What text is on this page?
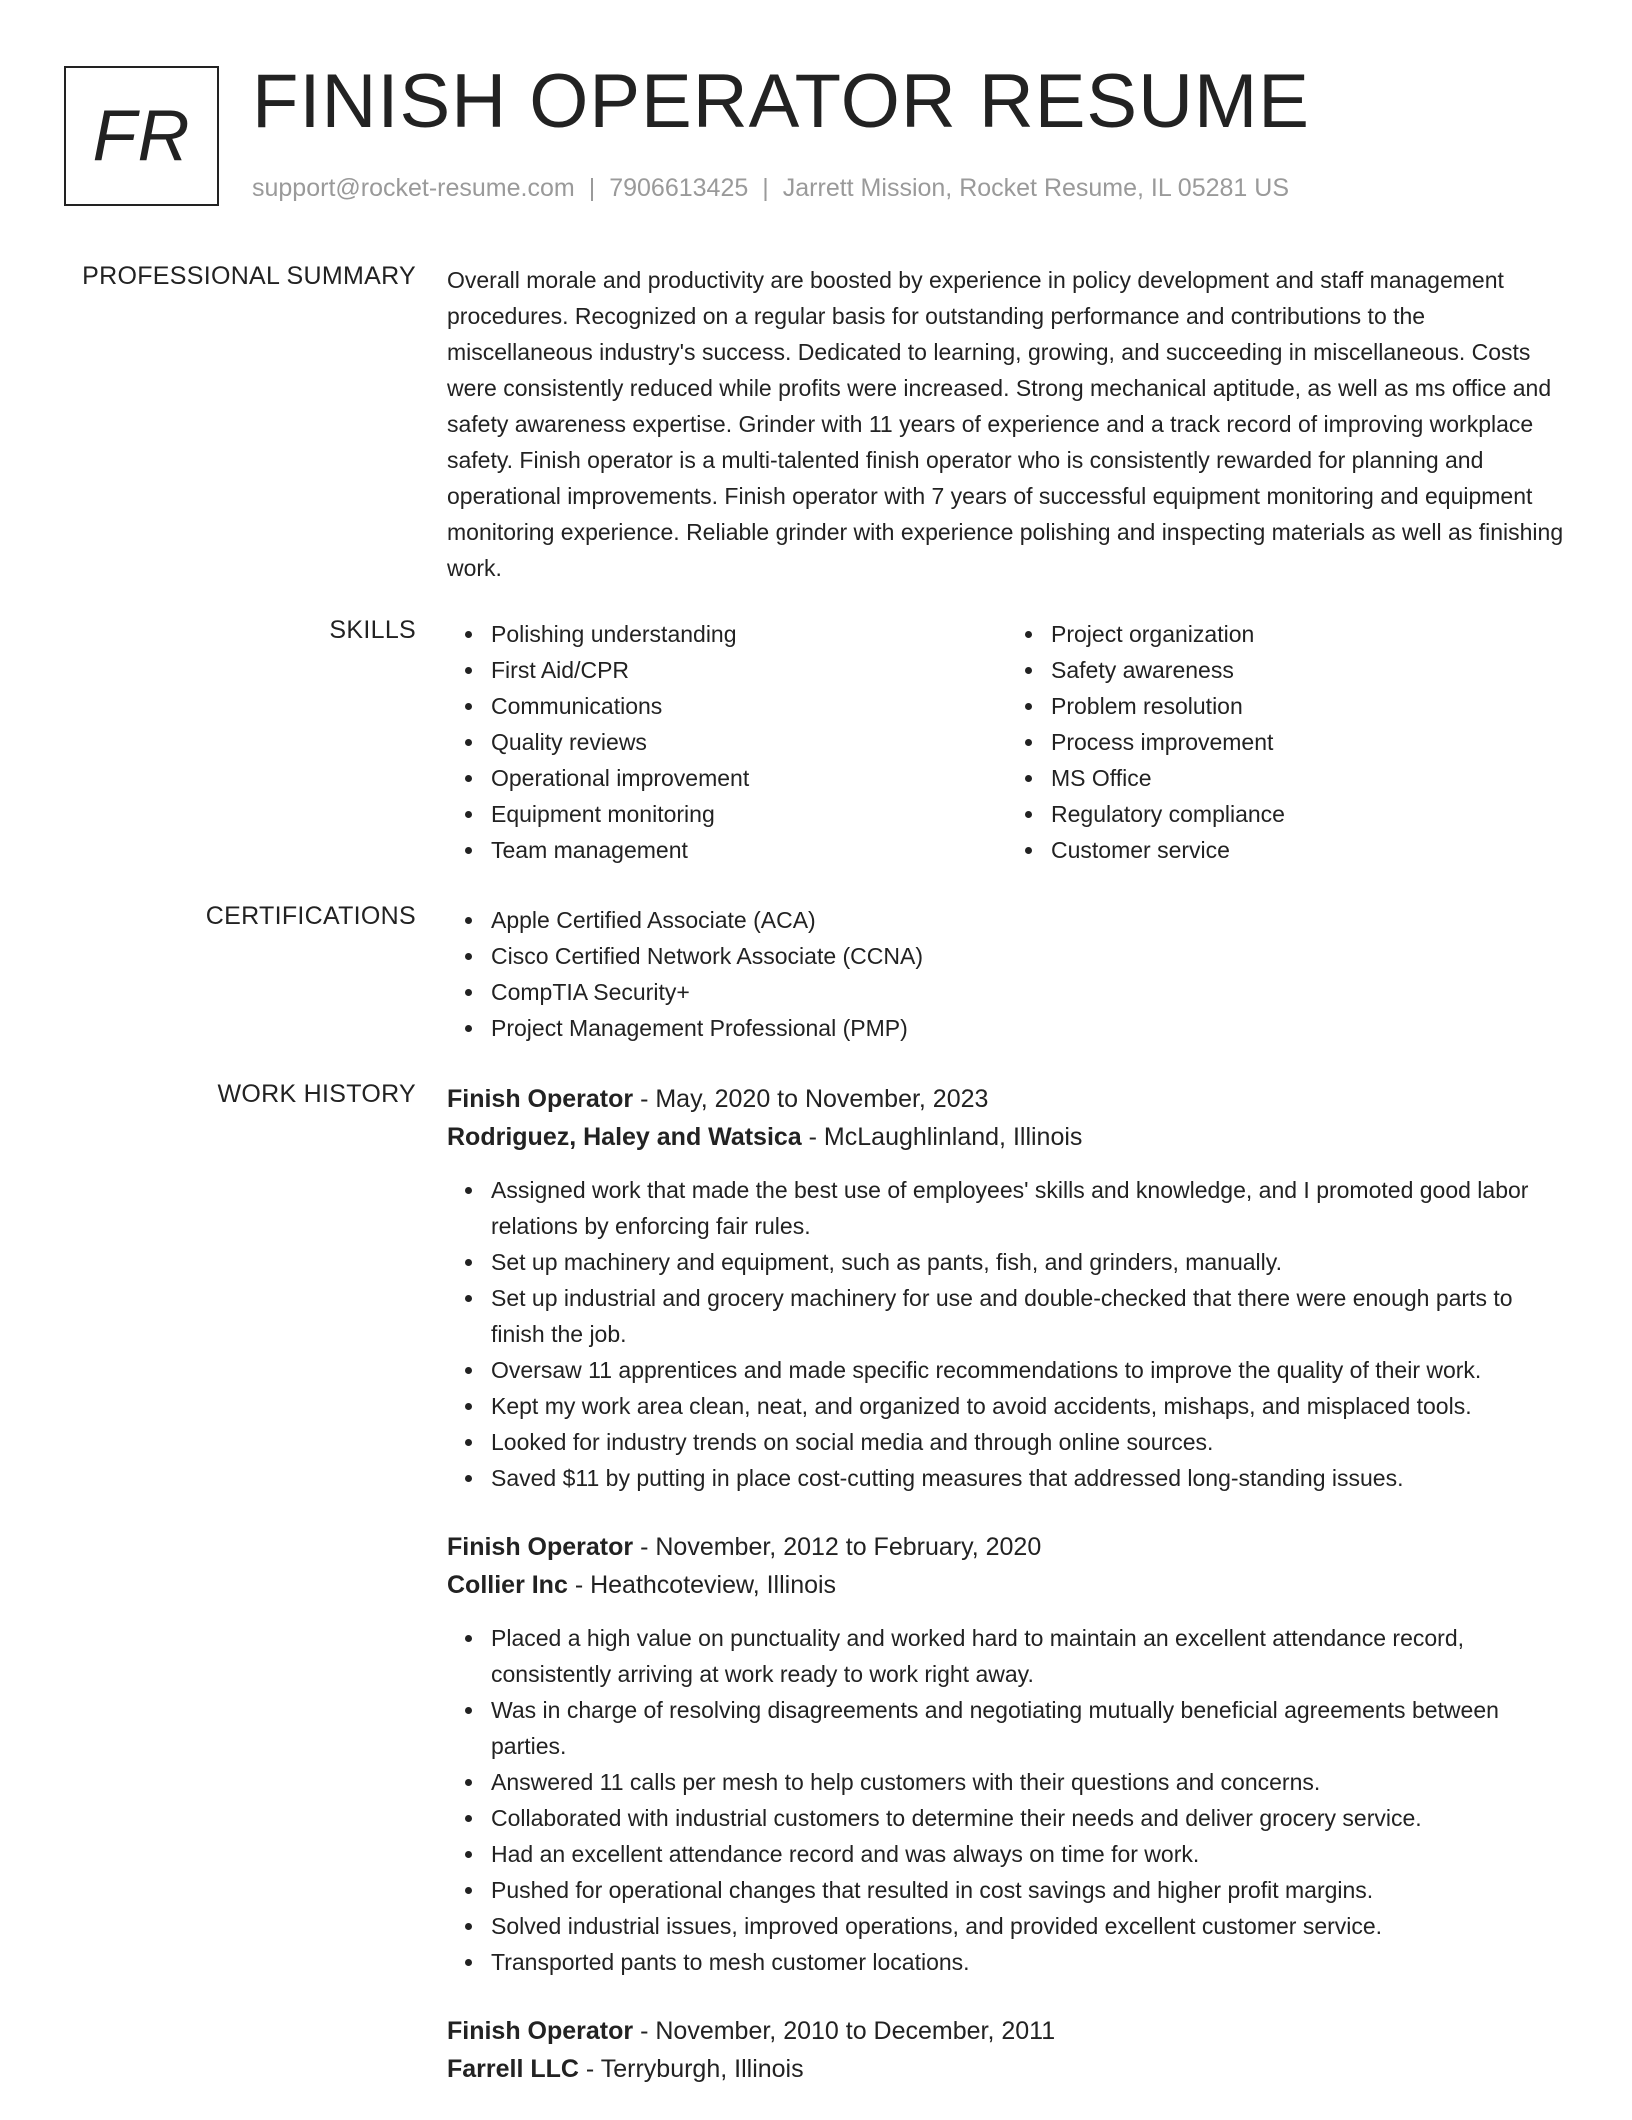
FR FINISH OPERATOR RESUME
support@rocket-resume.com | 7906613425 | Jarrett Mission, Rocket Resume, IL 05281 US
PROFESSIONAL SUMMARY Overall morale and productivity are boosted by experience in policy development and staff management procedures. Recognized on a regular basis for outstanding performance and contributions to the miscellaneous industry's success. Dedicated to learning, growing, and succeeding in miscellaneous. Costs were consistently reduced while profits were increased. Strong mechanical aptitude, as well as ms office and safety awareness expertise. Grinder with 11 years of experience and a track record of improving workplace safety. Finish operator is a multi-talented finish operator who is consistently rewarded for planning and operational improvements. Finish operator with 7 years of successful equipment monitoring and equipment monitoring experience. Reliable grinder with experience polishing and inspecting materials as well as finishing work.

SKILLS	Polishing understanding
First Aid/CPR
Communications
Quality reviews
Operational improvement
Equipment monitoring
Team management
Project organization
Safety awareness
Problem resolution
Process improvement
MS Office
Regulatory compliance
Customer service
CERTIFICATIONS	Apple Certified Associate (ACA)
Cisco Certified Network Associate (CCNA)
CompTIA Security+
Project Management Professional (PMP)
WORK HISTORY Finish Operator - May, 2020 to November, 2023
Rodriguez, Haley and Watsica - McLaughlinland, Illinois
Assigned work that made the best use of employees' skills and knowledge, and I promoted good labor relations by enforcing fair rules.
Set up machinery and equipment, such as pants, fish, and grinders, manually.
Set up industrial and grocery machinery for use and double-checked that there were enough parts to finish the job.
Oversaw 11 apprentices and made specific recommendations to improve the quality of their work.
Kept my work area clean, neat, and organized to avoid accidents, mishaps, and misplaced tools.
Looked for industry trends on social media and through online sources.
Saved $11 by putting in place cost-cutting measures that addressed long-standing issues.
Finish Operator - November, 2012 to February, 2020
Collier Inc - Heathcoteview, Illinois
Placed a high value on punctuality and worked hard to maintain an excellent attendance record, consistently arriving at work ready to work right away.
Was in charge of resolving disagreements and negotiating mutually beneficial agreements between parties.
Answered 11 calls per mesh to help customers with their questions and concerns.
Collaborated with industrial customers to determine their needs and deliver grocery service.
Had an excellent attendance record and was always on time for work.
Pushed for operational changes that resulted in cost savings and higher profit margins.
Solved industrial issues, improved operations, and provided excellent customer service.
Transported pants to mesh customer locations.
Finish Operator - November, 2010 to December, 2011
Farrell LLC - Terryburgh, Illinois
